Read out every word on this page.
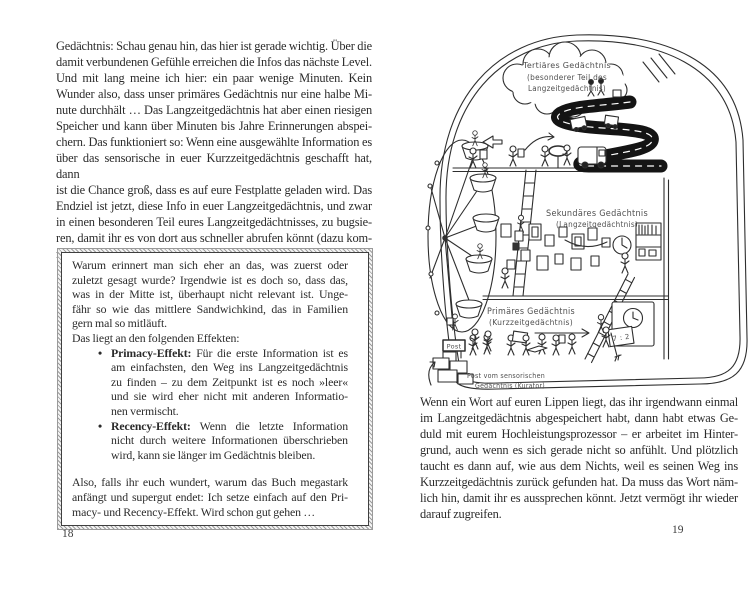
Gedächtnis: Schau genau hin, das hier ist gerade wichtig. Über die
damit verbundenen Gefühle erreichen die Infos das nächste Level.
Und mit lang meine ich hier: ein paar wenige Minuten. Kein
Wunder also, dass unser primäres Gedächtnis nur eine halbe Mi-
nute durchhält … Das Langzeitgedächtnis hat aber einen riesigen
Speicher und kann über Minuten bis Jahre Erinnerungen abspei-
chern. Das funktioniert so: Wenn eine ausgewählte Information es
über das sensorische in euer Kurzzeitgedächtnis geschafft hat, dann
ist die Chance groß, dass es auf eure Festplatte geladen wird. Das
Endziel ist jetzt, diese Info in euer Langzeitgedächtnis, und zwar
in einen besonderen Teil eures Langzeitgedächtnisses, zu bugsie-
ren, damit ihr es von dort aus schneller abrufen könnt (dazu kom-
Warum erinnert man sich eher an das, was zuerst oder
zuletzt gesagt wurde? Irgendwie ist es doch so, dass das,
was in der Mitte ist, überhaupt nicht relevant ist. Unge-
fähr so wie das mittlere Sandwichkind, das in Familien
gern mal so mitläuft.
Das liegt an den folgenden Effekten:
• Primacy-Effekt: Für die erste Information ist es
am einfachsten, den Weg ins Langzeitgedächtnis
zu finden – zu dem Zeitpunkt ist es noch »leer«
und sie wird eher nicht mit anderen Informatio-
nen vermischt.
• Recency-Effekt: Wenn die letzte Information
nicht durch weitere Informationen überschrieben
wird, kann sie länger im Gedächtnis bleiben.
Also, falls ihr euch wundert, warum das Buch megastark
anfängt und supergut endet: Ich setze einfach auf den Pri-
macy- und Recency-Effekt. Wird schon gut gehen …
18
Tertiäres Gedächtnis
(besonderer Teil des
Langzeitgedächtnis)
Sekundäres Gedächtnis
(Langzeitgedächtnis)
Primäres Gedächtnis
(Kurzzeitgedächtnis)
Post
7 : 2
Post vom sensorischen
Gedächtnis (Kurator)
Wenn ein Wort auf euren Lippen liegt, das ihr irgendwann einmal
im Langzeitgedächtnis abgespeichert habt, dann habt etwas Ge-
duld mit eurem Hochleistungsprozessor – er arbeitet im Hinter-
grund, auch wenn es sich gerade nicht so anfühlt. Und plötzlich
taucht es dann auf, wie aus dem Nichts, weil es seinen Weg ins
Kurzzeitgedächtnis zurück gefunden hat. Da muss das Wort näm-
lich hin, damit ihr es aussprechen könnt. Jetzt vermögt ihr wieder
darauf zugreifen.
19
